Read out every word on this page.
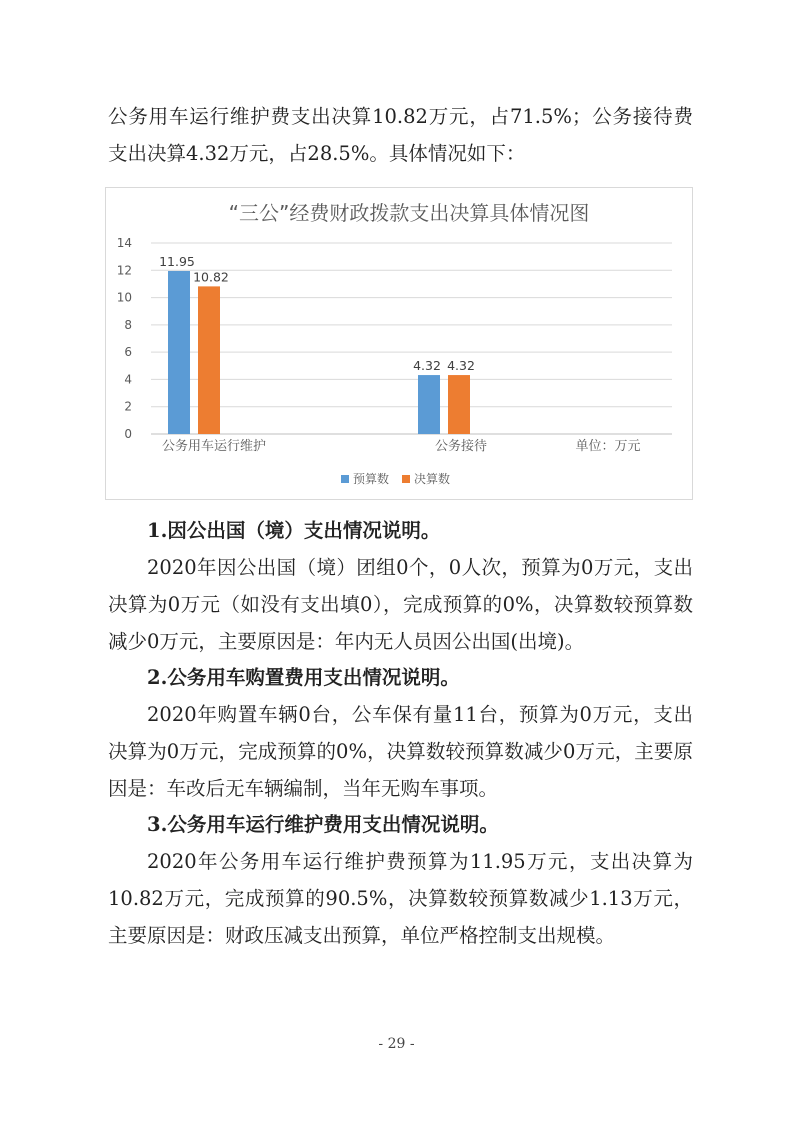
公务用车运行维护费支出决算10.82万元，占71.5%；公务接待费支出决算4.32万元，占28.5%。具体情况如下：

“三公”经费财政拨款支出决算具体情况图
0
2
4
6
8
10
12
14
11.95
10.82
4.32 4.32
公务用车运行维护	公务接待	单位：万元
预算数 决算数

1.因公出国（境）支出情况说明。

2020年因公出国（境）团组0个，0人次，预算为0万元，支出决算为0万元（如没有支出填0），完成预算的0%，决算数较预算数减少0万元，主要原因是：年内无人员因公出国(出境)。

2.公务用车购置费用支出情况说明。

2020年购置车辆0台，公车保有量11台，预算为0万元，支出决算为0万元，完成预算的0%，决算数较预算数减少0万元，主要原因是：车改后无车辆编制，当年无购车事项。

3.公务用车运行维护费用支出情况说明。

2020年公务用车运行维护费预算为11.95万元，支出决算为10.82万元，完成预算的90.5%，决算数较预算数减少1.13万元，主要原因是：财政压减支出预算，单位严格控制支出规模。

- 29 -
